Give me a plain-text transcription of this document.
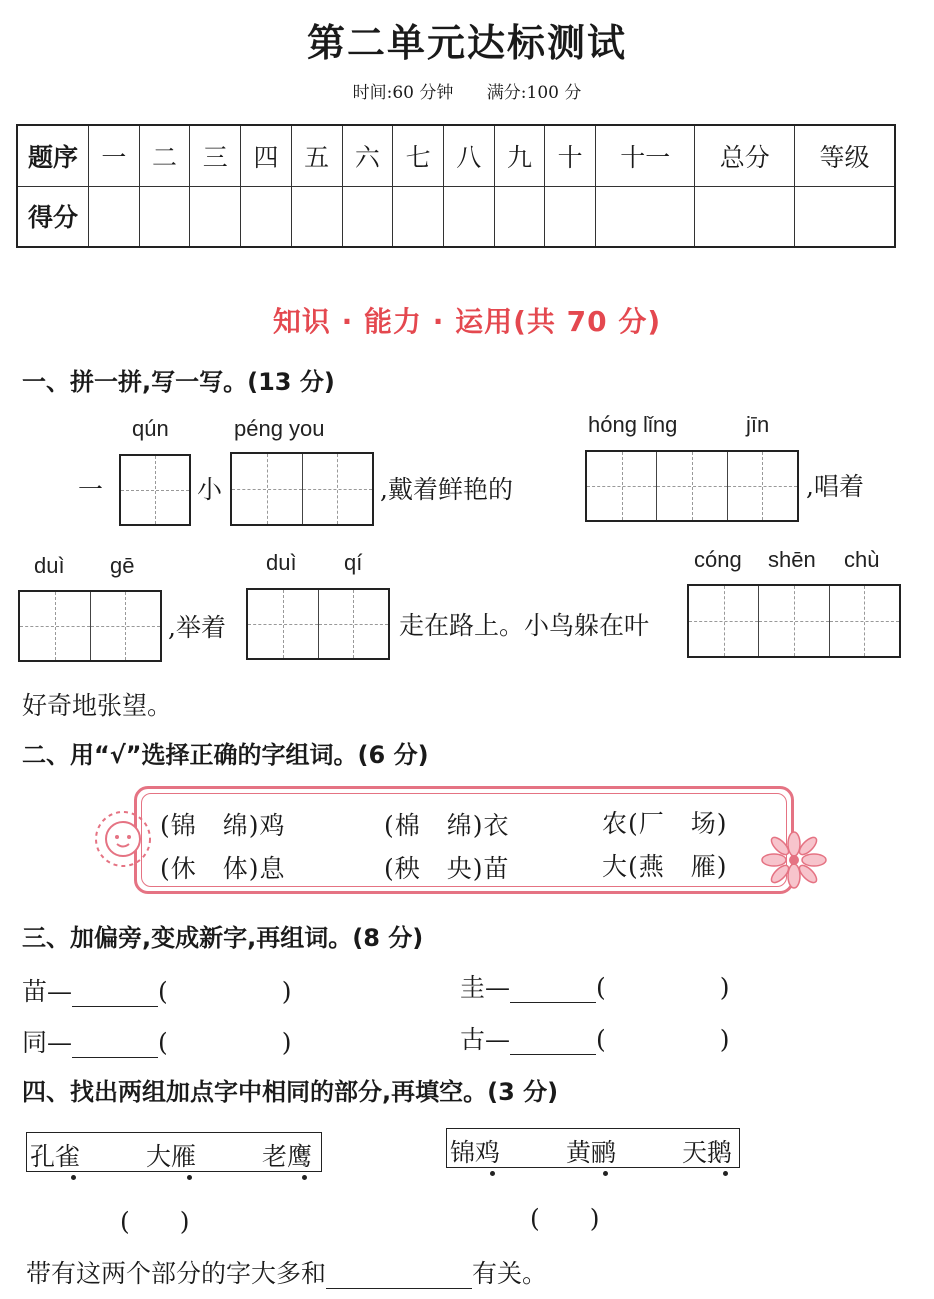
第二单元达标测试
时间:60 分钟 满分:100 分
题序	一	二	三	四	五	六	七	八	九	十	十一	总分	等级
得分													
知识 · 能力 · 运用(共 70 分)
一、拼一拼,写一写。(13 分)
qún	péng you	hóng lǐng	jīn
一	小	,戴着鲜艳的	,唱着
duì gē	duì qí	cóng shēn chù
,举着	走在路上。小鸟躲在叶
好奇地张望。
二、用“√”选择正确的字组词。(6 分)
(锦　绵)鸡	(棉　绵)衣	农(厂　场)
(休　体)息	(秧　央)苗	大(燕　雁)
三、加偏旁,变成新字,再组词。(8 分)
苗—	(	)	圭—	(	)
同—	(	)	古—	(	)
四、找出两组加点字中相同的部分,再填空。(3 分)
孔雀	大雁	老鹰	锦鸡	黄鹂	天鹅
(　　)	(　　)
带有这两个部分的字大多和	有关。
